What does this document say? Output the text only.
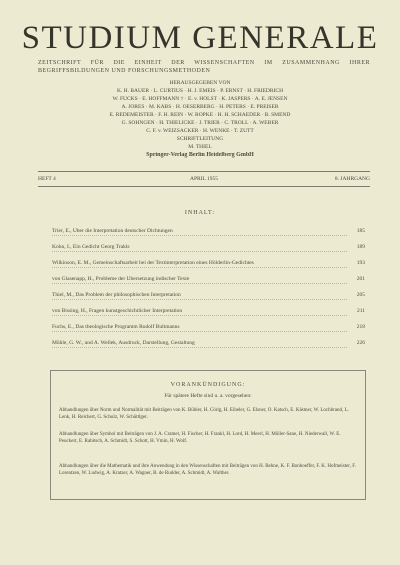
STUDIUM GENERALE
ZEITSCHRIFT FÜR DIE EINHEIT DER WISSENSCHAFTEN IM ZUSAMMENHANG IHRER BEGRIFFSBILDUNGEN UND FORSCHUNGSMETHODEN
HERAUSGEGEBEN VON
K. H. BAUER · L. CURTIUS · H. J. EMEIS · P. ERNST · H. FRIEDRICH
W. FUCKS · E. HOFFMANN † · E. v. HOLST · K. JASPERS · A. E. JENSEN
A. JORES · M. KABS · H. OESERBERG · H. PETERS · E. PREISER
E. REDEMEISTER · F. H. REIN · W. RÖPKE · H. H. SCHAEDER · B. SMEND
G. SÖHNGEN · H. THIELICKE · J. TRIER · C. TROLL · A. WEBER
C. F. v. WEIZSÄCKER · H. WENKE · T. ZUTT
SCHRIFTLEITUNG
M. THIEL
Springer-Verlag Berlin Heidelberg GmbH
HEFT 4	APRIL 1955	8. JAHRGANG
INHALT:
Trier, E., Über die Interpretation deutscher Dichtungen	185
Kohn, I., Ein Gedicht Georg Trakls	189
Wilkinson, E. M., Gemeinschaftsarbeit bei der Textinterpretation eines Hölderlin-Gedichtes	193
von Glasenapp, H., Probleme der Übersetzung indischer Texte	201
Thiel, M., Das Problem der philosophischen Interpretation	205
von Bissing, H., Fragen kunstgeschichtlicher Interpretation	211
Fuchs, E., Das theologische Programm Rudolf Bultmanns	218
Mühle, G. W., und A. Wellek, Ausdruck, Darstellung, Gestaltung	226
VORANKÜNDIGUNG:
Für spätere Hefte sind u. a. vorgesehen:
Abhandlungen über Norm und Normalität mit Beiträgen von K. Bühler, H. Cörig, H. Eibeler, G. Elsner, O. Katsch, E. Kästner, W. Lochbrand, L. Lenk, H. Reichert, G. Schulz, W. Schüttlger.
Abhandlungen über Symbol mit Beiträgen von J. A. Cramer, H. Fischer, H. Frankl, H. Lord, H. Meerl, H. Müller-Sane, H. Niederwall, W. E. Peuckert, E. Rabitsch, A. Schmidt, S. Schott, H. Vmin, H. Wolf.
Abhandlungen über die Mathematik und ihre Anwendung in den Wissenschaften mit Beiträgen von H. Behne, K. F. Bonhoeffer, F. K. Hofmeister, F. Lorentzen, W. Ludwig, A. Kratzer, A. Wagner, B. de Rudder, A. Schmidt, A. Walther.
